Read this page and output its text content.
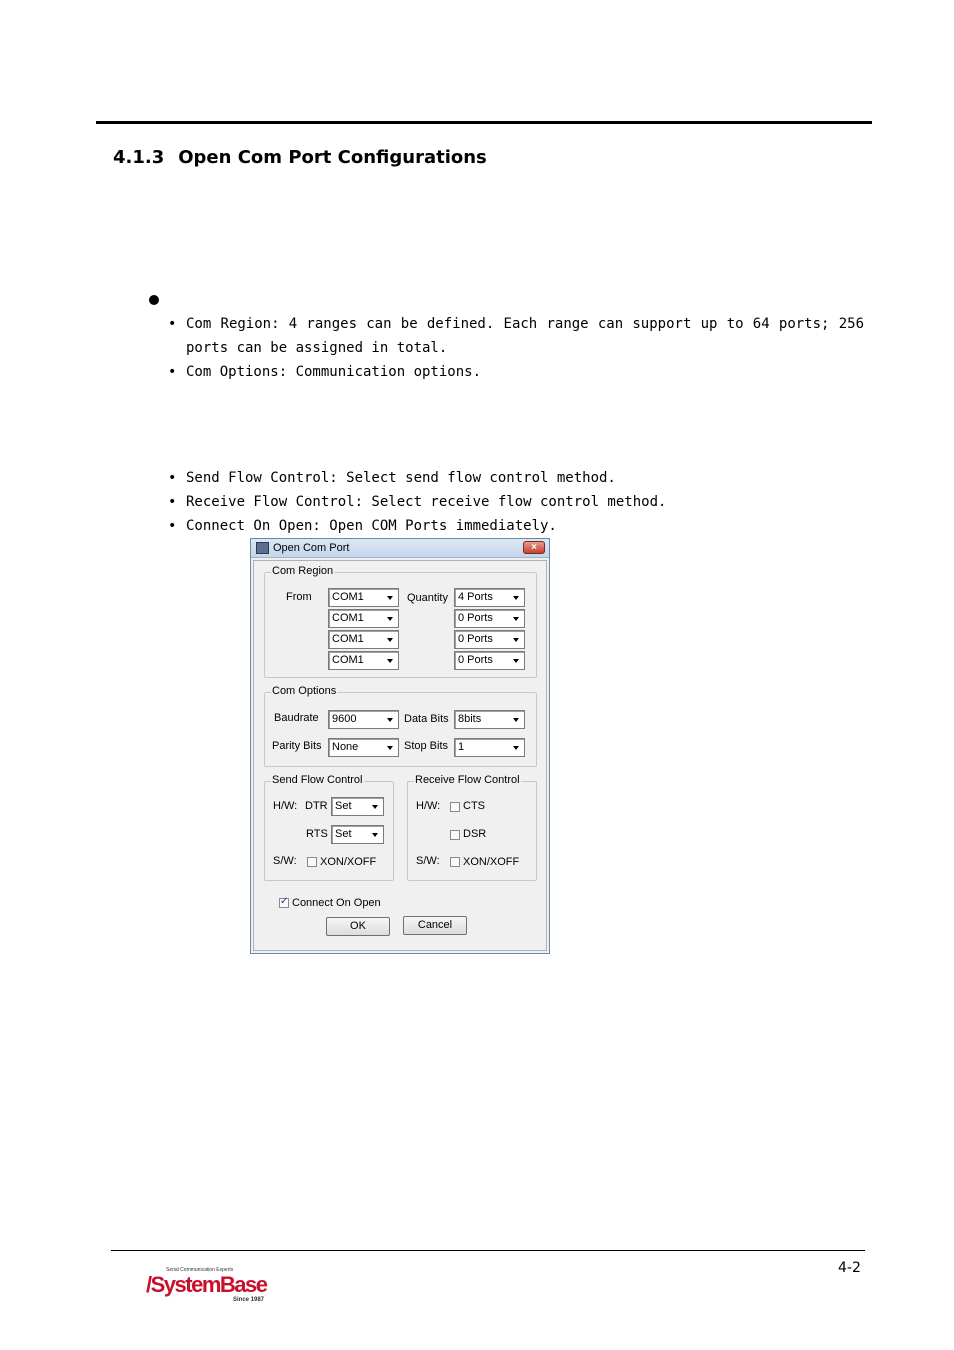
4.1.3 Open Com Port Configurations
• Com Region: 4 ranges can be defined. Each range can support up to 64 ports; 256
ports can be assigned in total.
• Com Options: Communication options.
• Send Flow Control: Select send flow control method.
• Receive Flow Control: Select receive flow control method.
• Connect On Open: Open COM Ports immediately.
Open Com Port	×
Com Region
From	Quantity
COM1	4 Ports
COM1	0 Ports
COM1	0 Ports
COM1	0 Ports
Com Options
Baudrate 9600	Data Bits 8bits
Parity Bits None	Stop Bits 1
Send Flow Control
H/W: DTR Set
RTS Set
S/W: XON/XOFF
Receive Flow Control
H/W: CTS
DSR
S/W: XON/XOFF
✓
Connect On Open
OK	Cancel
4-2
Serial Communication Experts
/SystemBase
Since 1987
